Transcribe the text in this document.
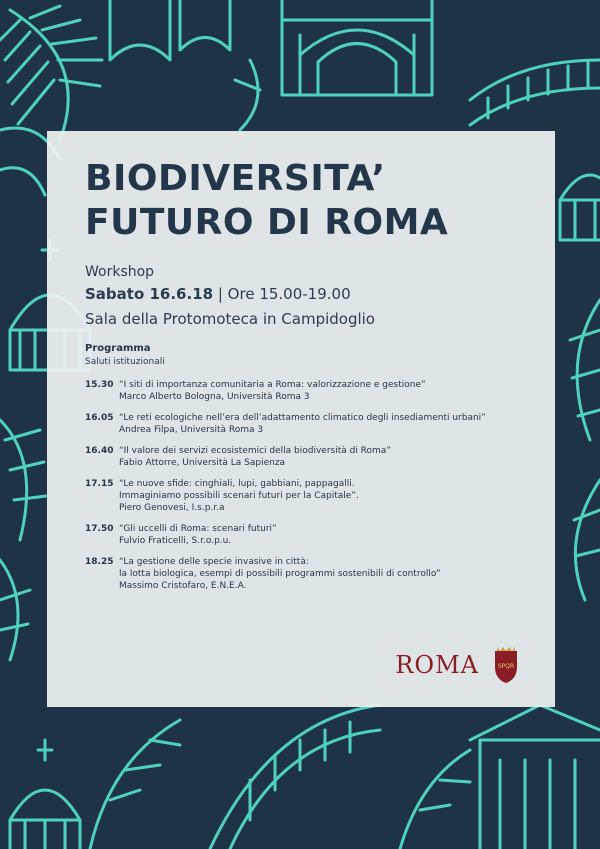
BIODIVERSITA’
FUTURO DI ROMA
Workshop
Sabato 16.6.18 | Ore 15.00-19.00
Sala della Protomoteca in Campidoglio
Programma
Saluti istituzionali
15.30 “I siti di importanza comunitaria a Roma: valorizzazione e gestione”
Marco Alberto Bologna, Università Roma 3
16.05 “Le reti ecologiche nell’era dell’adattamento climatico degli insediamenti urbani”
Andrea Filpa, Università Roma 3
16.40 “Il valore dei servizi ecosistemici della biodiversità di Roma”
Fabio Attorre, Università La Sapienza
17.15 “Le nuove sfide: cinghiali, lupi, gabbiani, pappagalli.
Immaginiamo possibili scenari futuri per la Capitale”.
Piero Genovesi, I.s.p.r.a
17.50 “Gli uccelli di Roma: scenari futuri”
Fulvio Fraticelli, S.r.o.p.u.
18.25 “La gestione delle specie invasive in città:
la lotta biologica, esempi di possibili programmi sostenibili di controllo”
Massimo Cristofaro, E.N.E.A.
ROMA	SPQR
